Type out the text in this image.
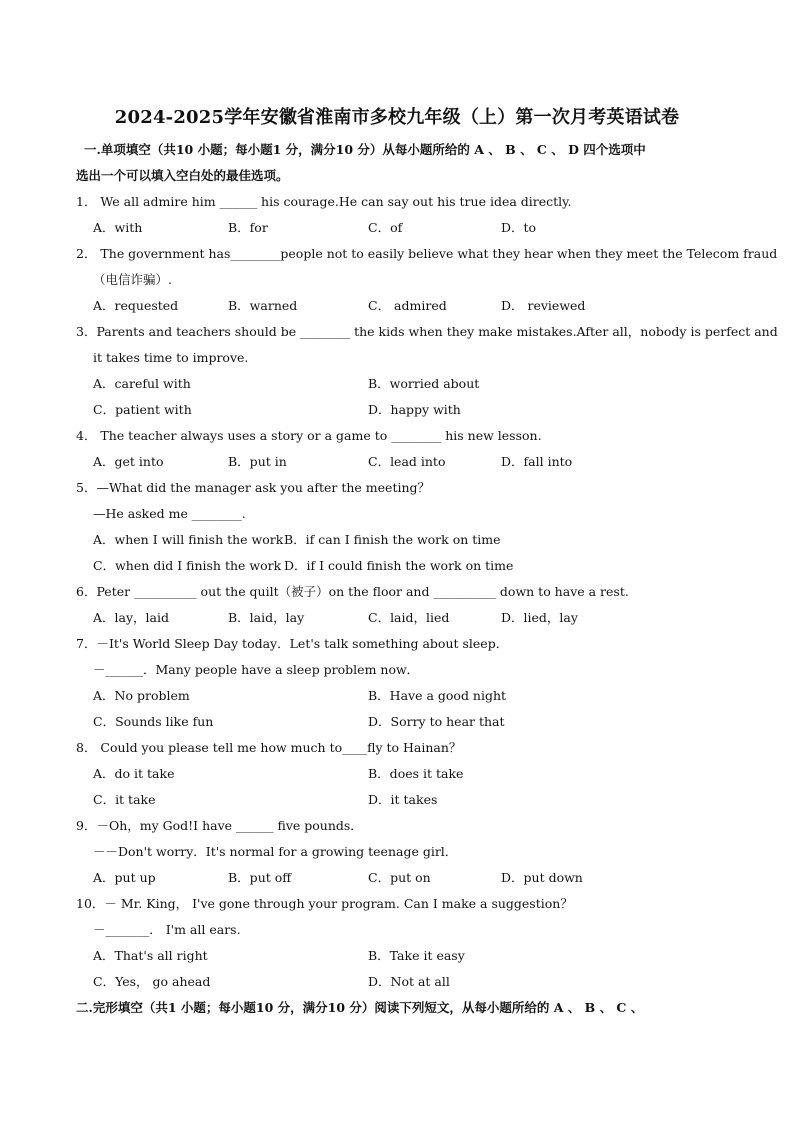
2024-2025学年安徽省淮南市多校九年级（上）第一次月考英语试卷
一.单项填空（共10 小题；每小题1 分，满分10 分）从每小题所给的 A 、 B 、 C 、 D 四个选项中
选出一个可以填入空白处的最佳选项。
1． We all admire him ______ his courage.He can say out his true idea directly.
A．with	B．for	C．of	D．to
2． The government has________people not to easily believe what they hear when they meet the Telecom fraud
（电信诈骗）.
A．requested	B．warned	C． admired	D． reviewed
3．Parents and teachers should be ________ the kids when they make mistakes.After all，nobody is perfect and
it takes time to improve.
A．careful with	B．worried about
C．patient with	D．happy with
4． The teacher always uses a story or a game to ________ his new lesson.
A．get into	B．put in	C．lead into	D．fall into
5．—What did the manager ask you after the meeting？
—He asked me ________.
A．when I will finish the work B．if can I finish the work on time
C．when did I finish the work D．if I could finish the work on time
6．Peter __________ out the quilt（被子）on the floor and __________ down to have a rest.
A．lay，laid	B．laid，lay	C．laid，lied	D．lied，lay
7．－It's World Sleep Day today．Let's talk something about sleep．
－______．Many people have a sleep problem now．
A．No problem	B．Have a good night
C．Sounds like fun	D．Sorry to hear that
8． Could you please tell me how much to____fly to Hainan？
A．do it take	B．does it take
C．it take	D．it takes
9．－Oh，my God!I have ______ five pounds．
－－Don't worry．It's normal for a growing teenage girl．
A．put up	B．put off	C．put on	D．put down
10．－ Mr. King， I've gone through your program. Can I make a suggestion？
－_______． I'm all ears.
A．That's all right	B．Take it easy
C．Yes， go ahead	D．Not at all
二.完形填空（共1 小题；每小题10 分，满分10 分）阅读下列短文，从每小题所给的 A 、 B 、 C 、
